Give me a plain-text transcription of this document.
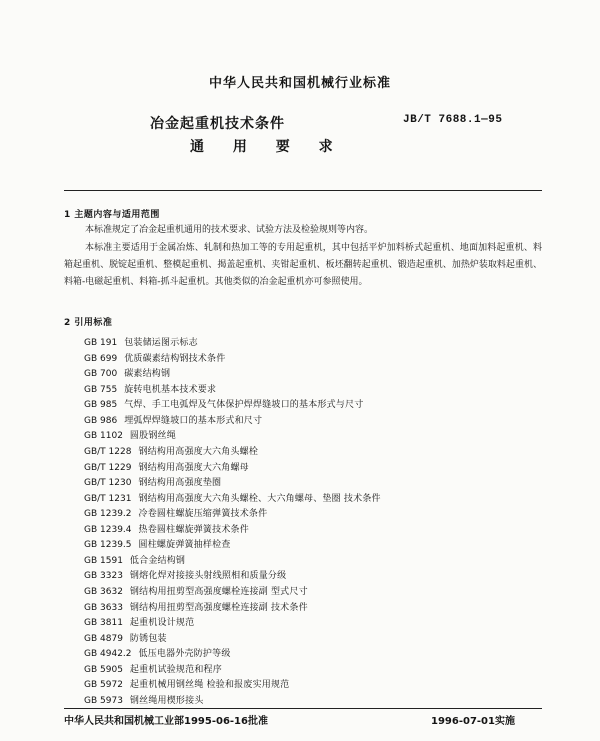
中华人民共和国机械行业标准
冶金起重机技术条件
通 用 要 求
JB/T 7688.1—95
1 主题内容与适用范围
本标准规定了冶金起重机通用的技术要求、试验方法及检验规则等内容。
本标准主要适用于金属冶炼、轧制和热加工等的专用起重机，其中包括平炉加料桥式起重机、地面加料起重机、料箱起重机、脱锭起重机、整模起重机、揭盖起重机、夹钳起重机、板坯翻转起重机、锻造起重机、加热炉装取料起重机、料箱-电磁起重机、料箱-抓斗起重机。其他类似的冶金起重机亦可参照使用。
2 引用标准
GB 191 包装储运图示标志
GB 699 优质碳素结构钢技术条件
GB 700 碳素结构钢
GB 755 旋转电机基本技术要求
GB 985 气焊、手工电弧焊及气体保护焊焊缝坡口的基本形式与尺寸
GB 986 埋弧焊焊缝坡口的基本形式和尺寸
GB 1102 圆股钢丝绳
GB/T 1228 钢结构用高强度大六角头螺栓
GB/T 1229 钢结构用高强度大六角螺母
GB/T 1230 钢结构用高强度垫圈
GB/T 1231 钢结构用高强度大六角头螺栓、大六角螺母、垫圈 技术条件
GB 1239.2 冷卷圆柱螺旋压缩弹簧技术条件
GB 1239.4 热卷圆柱螺旋弹簧技术条件
GB 1239.5 圆柱螺旋弹簧抽样检查
GB 1591 低合金结构钢
GB 3323 钢熔化焊对接接头射线照相和质量分级
GB 3632 钢结构用扭剪型高强度螺栓连接副 型式尺寸
GB 3633 钢结构用扭剪型高强度螺栓连接副 技术条件
GB 3811 起重机设计规范
GB 4879 防锈包装
GB 4942.2 低压电器外壳防护等级
GB 5905 起重机试验规范和程序
GB 5972 起重机械用钢丝绳 检验和报废实用规范
GB 5973 钢丝绳用楔形接头
中华人民共和国机械工业部1995-06-16批准	1996-07-01实施
